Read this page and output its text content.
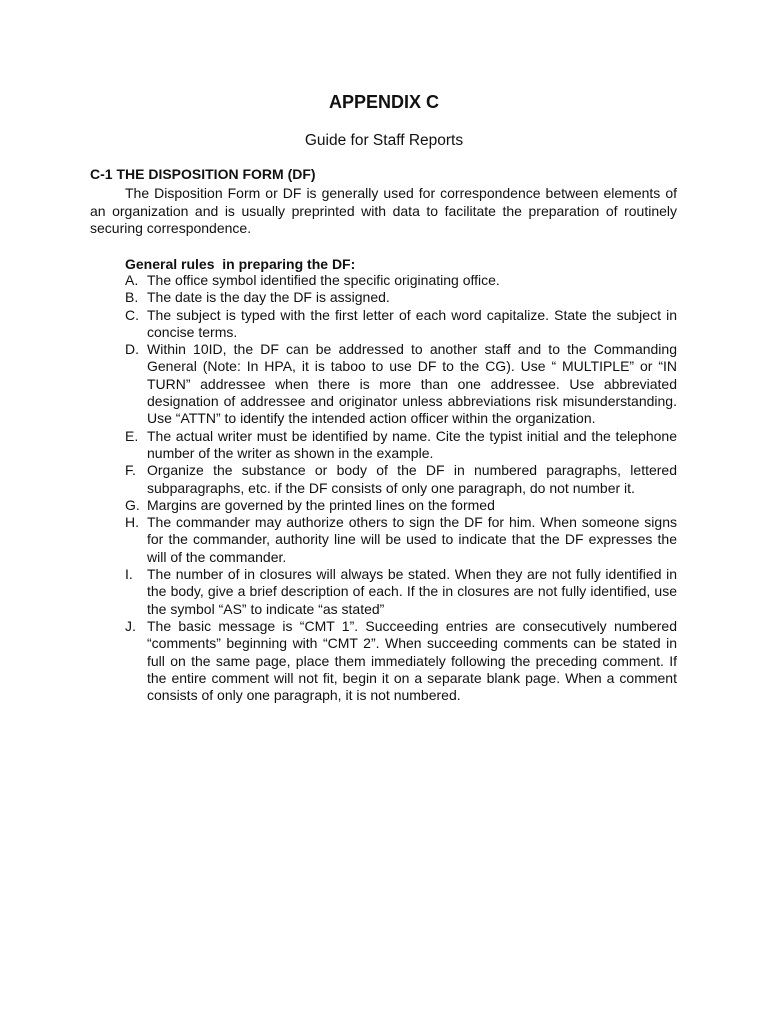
APPENDIX C
Guide for Staff Reports
C-1 THE DISPOSITION FORM (DF)

The Disposition Form or DF is generally used for correspondence between elements of an organization and is usually preprinted with data to facilitate the preparation of routinely securing correspondence.

General rules  in preparing the DF:
A. The office symbol identified the specific originating office.
B. The date is the day the DF is assigned.
C. The subject is typed with the first letter of each word capitalize. State the subject in concise terms.
D. Within 10ID, the DF can be addressed to another staff and to the Commanding General (Note: In HPA, it is taboo to use DF to the CG). Use “ MULTIPLE” or “IN TURN” addressee when there is more than one addressee. Use abbreviated designation of addressee and originator unless abbreviations risk misunderstanding. Use “ATTN” to identify the intended action officer within the organization.
E. The actual writer must be identified by name. Cite the typist initial and the telephone number of the writer as shown in the example.
F. Organize the substance or body of the DF in numbered paragraphs, lettered subparagraphs, etc. if the DF consists of only one paragraph, do not number it.
G. Margins are governed by the printed lines on the formed
H. The commander may authorize others to sign the DF for him. When someone signs for the commander, authority line will be used to indicate that the DF expresses the will of the commander.
I.	The number of in closures will always be stated. When they are not fully identified in the body, give a brief description of each. If the in closures are not fully identified, use the symbol “AS” to indicate “as stated”
J. The basic message is “CMT 1”. Succeeding entries are consecutively numbered “comments” beginning with “CMT 2”. When succeeding comments can be stated in full on the same page, place them immediately following the preceding comment. If the entire comment will not fit, begin it on a separate blank page. When a comment consists of only one paragraph, it is not numbered.
